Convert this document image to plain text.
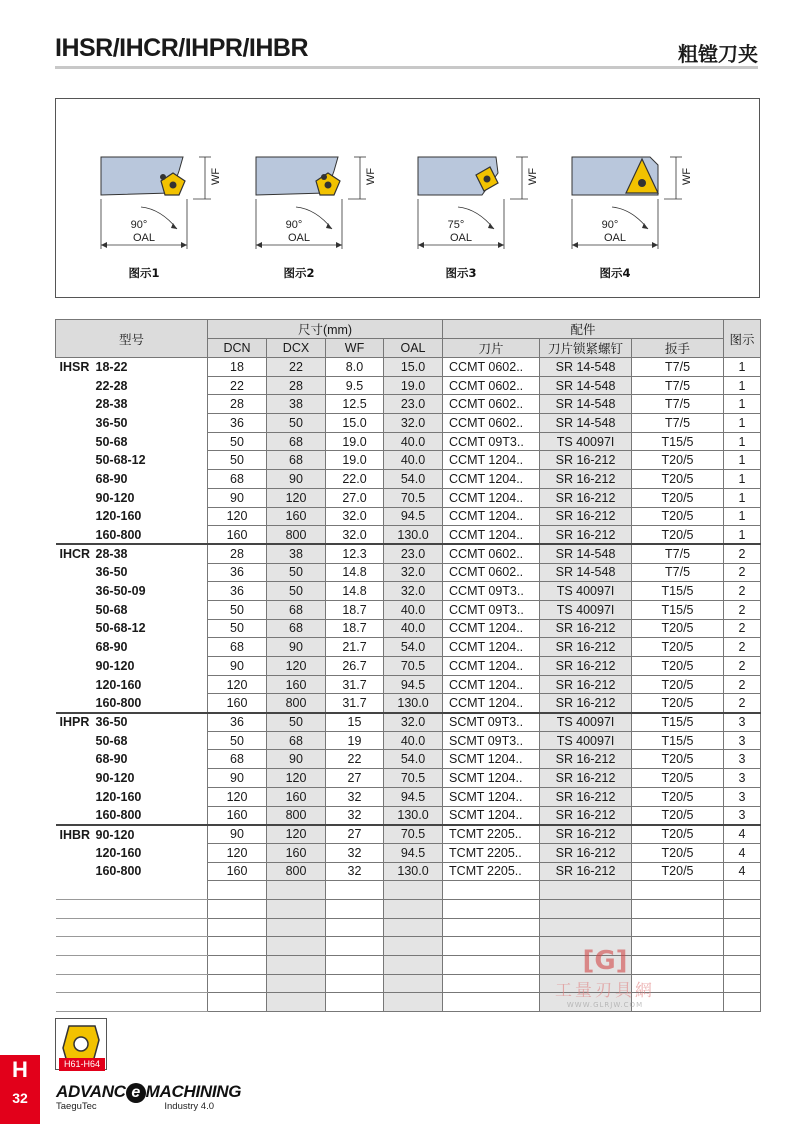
IHSR/IHCR/IHPR/IHBR	粗镗刀夹
WF
OAL
90°
图示1
WF
OAL
90°
图示2
WF
OAL
75°
图示3
WF
OAL
90°
图示4
型号	尺寸(mm)				配件			图示
	DCN	DCX	WF	OAL	刀片	刀片锁紧螺钉	扳手	
IHSR 18-22	18	22	8.0	15.0	CCMT 0602..	SR 14-548	T7/5	1
22-28	22	28	9.5	19.0	CCMT 0602..	SR 14-548	T7/5	1
28-38	28	38	12.5	23.0	CCMT 0602..	SR 14-548	T7/5	1
36-50	36	50	15.0	32.0	CCMT 0602..	SR 14-548	T7/5	1
50-68	50	68	19.0	40.0	CCMT 09T3..	TS 40097I	T15/5	1
50-68-12	50	68	19.0	40.0	CCMT 1204..	SR 16-212	T20/5	1
68-90	68	90	22.0	54.0	CCMT 1204..	SR 16-212	T20/5	1
90-120	90	120	27.0	70.5	CCMT 1204..	SR 16-212	T20/5	1
120-160	120	160	32.0	94.5	CCMT 1204..	SR 16-212	T20/5	1
160-800	160	800	32.0	130.0	CCMT 1204..	SR 16-212	T20/5	1
IHCR 28-38	28	38	12.3	23.0	CCMT 0602..	SR 14-548	T7/5	2
36-50	36	50	14.8	32.0	CCMT 0602..	SR 14-548	T7/5	2
36-50-09	36	50	14.8	32.0	CCMT 09T3..	TS 40097I	T15/5	2
50-68	50	68	18.7	40.0	CCMT 09T3..	TS 40097I	T15/5	2
50-68-12	50	68	18.7	40.0	CCMT 1204..	SR 16-212	T20/5	2
68-90	68	90	21.7	54.0	CCMT 1204..	SR 16-212	T20/5	2
90-120	90	120	26.7	70.5	CCMT 1204..	SR 16-212	T20/5	2
120-160	120	160	31.7	94.5	CCMT 1204..	SR 16-212	T20/5	2
160-800	160	800	31.7	130.0	CCMT 1204..	SR 16-212	T20/5	2
IHPR 36-50	36	50	15	32.0	SCMT 09T3..	TS 40097I	T15/5	3
50-68	50	68	19	40.0	SCMT 09T3..	TS 40097I	T15/5	3
68-90	68	90	22	54.0	SCMT 1204..	SR 16-212	T20/5	3
90-120	90	120	27	70.5	SCMT 1204..	SR 16-212	T20/5	3
120-160	120	160	32	94.5	SCMT 1204..	SR 16-212	T20/5	3
160-800	160	800	32	130.0	SCMT 1204..	SR 16-212	T20/5	3
IHBR 90-120	90	120	27	70.5	TCMT 2205..	SR 16-212	T20/5	4
120-160	120	160	32	94.5	TCMT 2205..	SR 16-212	T20/5	4
160-800	160	800	32	130.0	TCMT 2205..	SR 16-212	T20/5	4

H61-H64
H
32	ADVANC e MACHINING
TaeguTec	Industry 4.0
[G]
工量刃具網
WWW.GLRJW.COM
